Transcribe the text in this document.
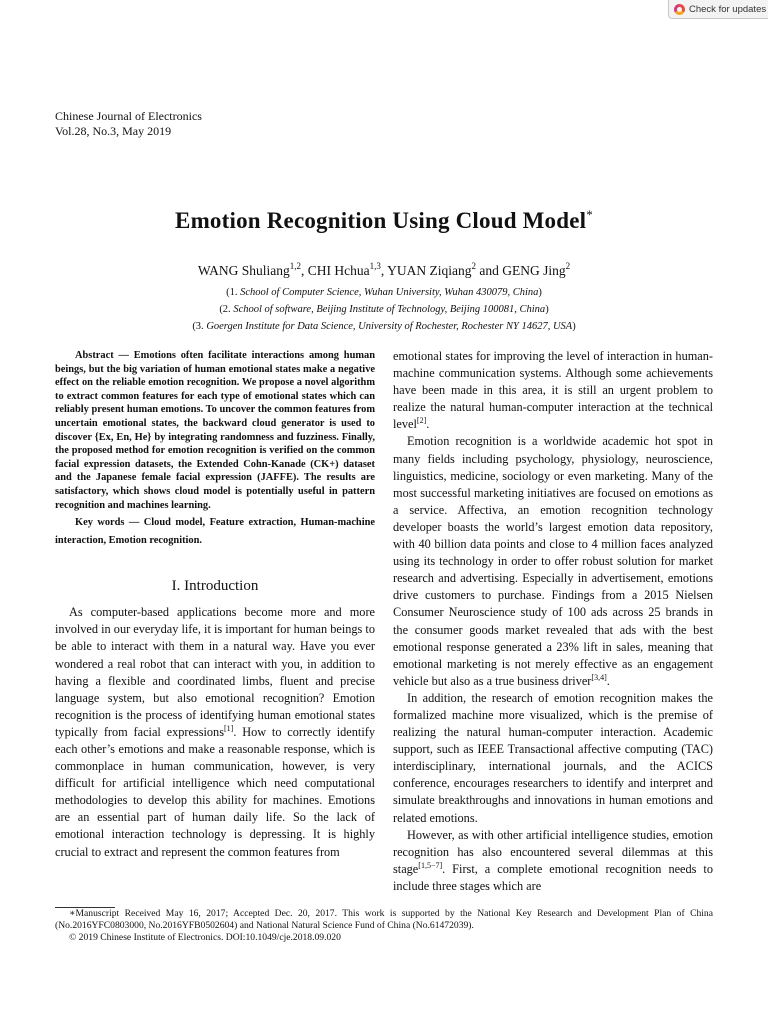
Check for updates
Chinese Journal of Electronics
Vol.28, No.3, May 2019
Emotion Recognition Using Cloud Model*
WANG Shuliang$^{1,2}$, CHI Hchua$^{1,3}$, YUAN Ziqiang$^2$ and GENG Jing$^2$
(1. School of Computer Science, Wuhan University, Wuhan 430079, China)
(2. School of software, Beijing Institute of Technology, Beijing 100081, China)
(3. Goergen Institute for Data Science, University of Rochester, Rochester NY 14627, USA)

Abstract — Emotions often facilitate interactions among human beings, but the big variation of human emotional states make a negative effect on the reliable emotion recognition. We propose a novel algorithm to extract common features for each type of emotional states which can reliably present human emotions. To uncover the common features from uncertain emotional states, the backward cloud generator is used to discover {Ex, En, He} by integrating randomness and fuzziness. Finally, the proposed method for emotion recognition is verified on the common facial expression datasets, the Extended Cohn-Kanade (CK+) dataset and the Japanese female facial expression (JAFFE). The results are satisfactory, which shows cloud model is potentially useful in pattern recognition and machines learning.

Key words — Cloud model, Feature extraction, Human-machine interaction, Emotion recognition.

I. Introduction

As computer-based applications become more and more involved in our everyday life, it is important for human beings to be able to interact with them in a natural way. Have you ever wondered a real robot that can interact with you, in addition to having a flexible and coordinated limbs, fluent and precise language system, but also emotional recognition? Emotion recognition is the process of identifying human emotional states typically from facial expressions[1]. How to correctly identify each other’s emotions and make a reasonable response, which is commonplace in human communication, however, is very difficult for artificial intelligence which need computational methodologies to develop this ability for machines. Emotions are an essential part of human daily life. So the lack of emotional interaction technology is depressing. It is highly crucial to extract and represent the common features from

emotional states for improving the level of interaction in human-machine communication systems. Although some achievements have been made in this area, it is still an urgent problem to realize the natural human-computer interaction at the technical level[2].

Emotion recognition is a worldwide academic hot spot in many fields including psychology, physiology, neuroscience, linguistics, medicine, sociology or even marketing. Many of the most successful marketing initiatives are focused on emotions as a service. Affectiva, an emotion recognition technology developer boasts the world’s largest emotion data repository, with 40 billion data points and close to 4 million faces analyzed using its technology in order to offer robust solution for market research and advertising. Especially in advertisement, emotions drive customers to purchase. Findings from a 2015 Nielsen Consumer Neuroscience study of 100 ads across 25 brands in the consumer goods market revealed that ads with the best emotional response generated a 23% lift in sales, meaning that emotional marketing is not merely effective as an engagement vehicle but also as a true business driver[3,4].

In addition, the research of emotion recognition makes the formalized machine more visualized, which is the premise of realizing the natural human-computer interaction. Academic support, such as IEEE Transactional affective computing (TAC) interdisciplinary, international journals, and the ACICS conference, encourages researchers to identify and interpret and simulate breakthroughs and innovations in human emotions and related emotions.

However, as with other artificial intelligence studies, emotion recognition has also encountered several dilemmas at this stage[1,5−7]. First, a complete emotional recognition needs to include three stages which are

∗Manuscript Received May 16, 2017; Accepted Dec. 20, 2017. This work is supported by the National Key Research and Development Plan of China (No.2016YFC0803000, No.2016YFB0502604) and National Natural Science Fund of China (No.61472039).

© 2019 Chinese Institute of Electronics. DOI:10.1049/cje.2018.09.020
